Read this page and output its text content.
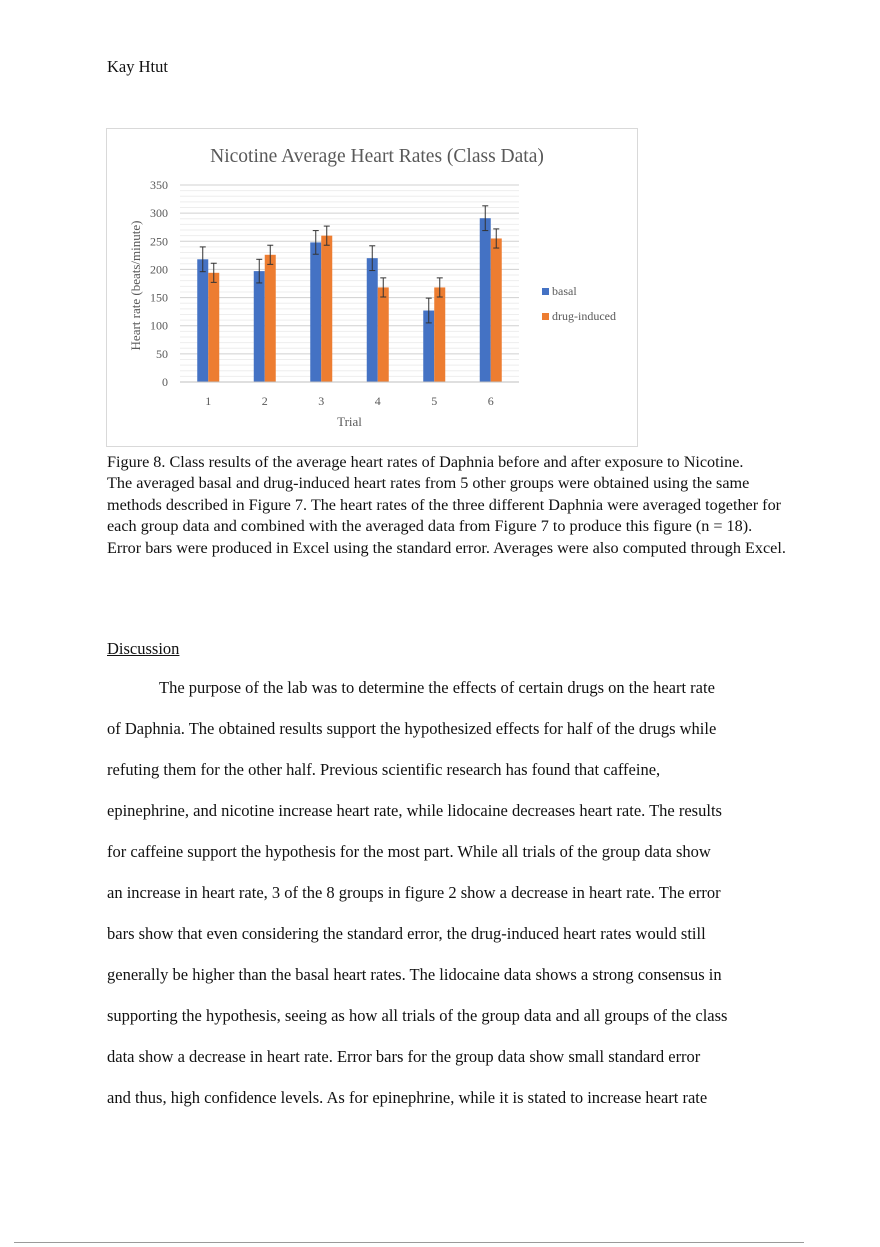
Kay Htut
Nicotine Average Heart Rates (Class Data)
0
50
100
150
200
250
300
350
Heart rate (beats/minute)
1	2	3	4	5	6
Trial
basal
drug-induced

Figure 8. Class results of the average heart rates of Daphnia before and after exposure to Nicotine.

The averaged basal and drug-induced heart rates from 5 other groups were obtained using the same methods described in Figure 7. The heart rates of the three different Daphnia were averaged together for each group data and combined with the averaged data from Figure 7 to produce this figure (n = 18). Error bars were produced in Excel using the standard error. Averages were also computed through Excel.

Discussion
The purpose of the lab was to determine the effects of certain drugs on the heart rate
of Daphnia. The obtained results support the hypothesized effects for half of the drugs while
refuting them for the other half. Previous scientific research has found that caffeine,
epinephrine, and nicotine increase heart rate, while lidocaine decreases heart rate. The results
for caffeine support the hypothesis for the most part. While all trials of the group data show
an increase in heart rate, 3 of the 8 groups in figure 2 show a decrease in heart rate. The error
bars show that even considering the standard error, the drug-induced heart rates would still
generally be higher than the basal heart rates. The lidocaine data shows a strong consensus in
supporting the hypothesis, seeing as how all trials of the group data and all groups of the class
data show a decrease in heart rate. Error bars for the group data show small standard error
and thus, high confidence levels. As for epinephrine, while it is stated to increase heart rate
